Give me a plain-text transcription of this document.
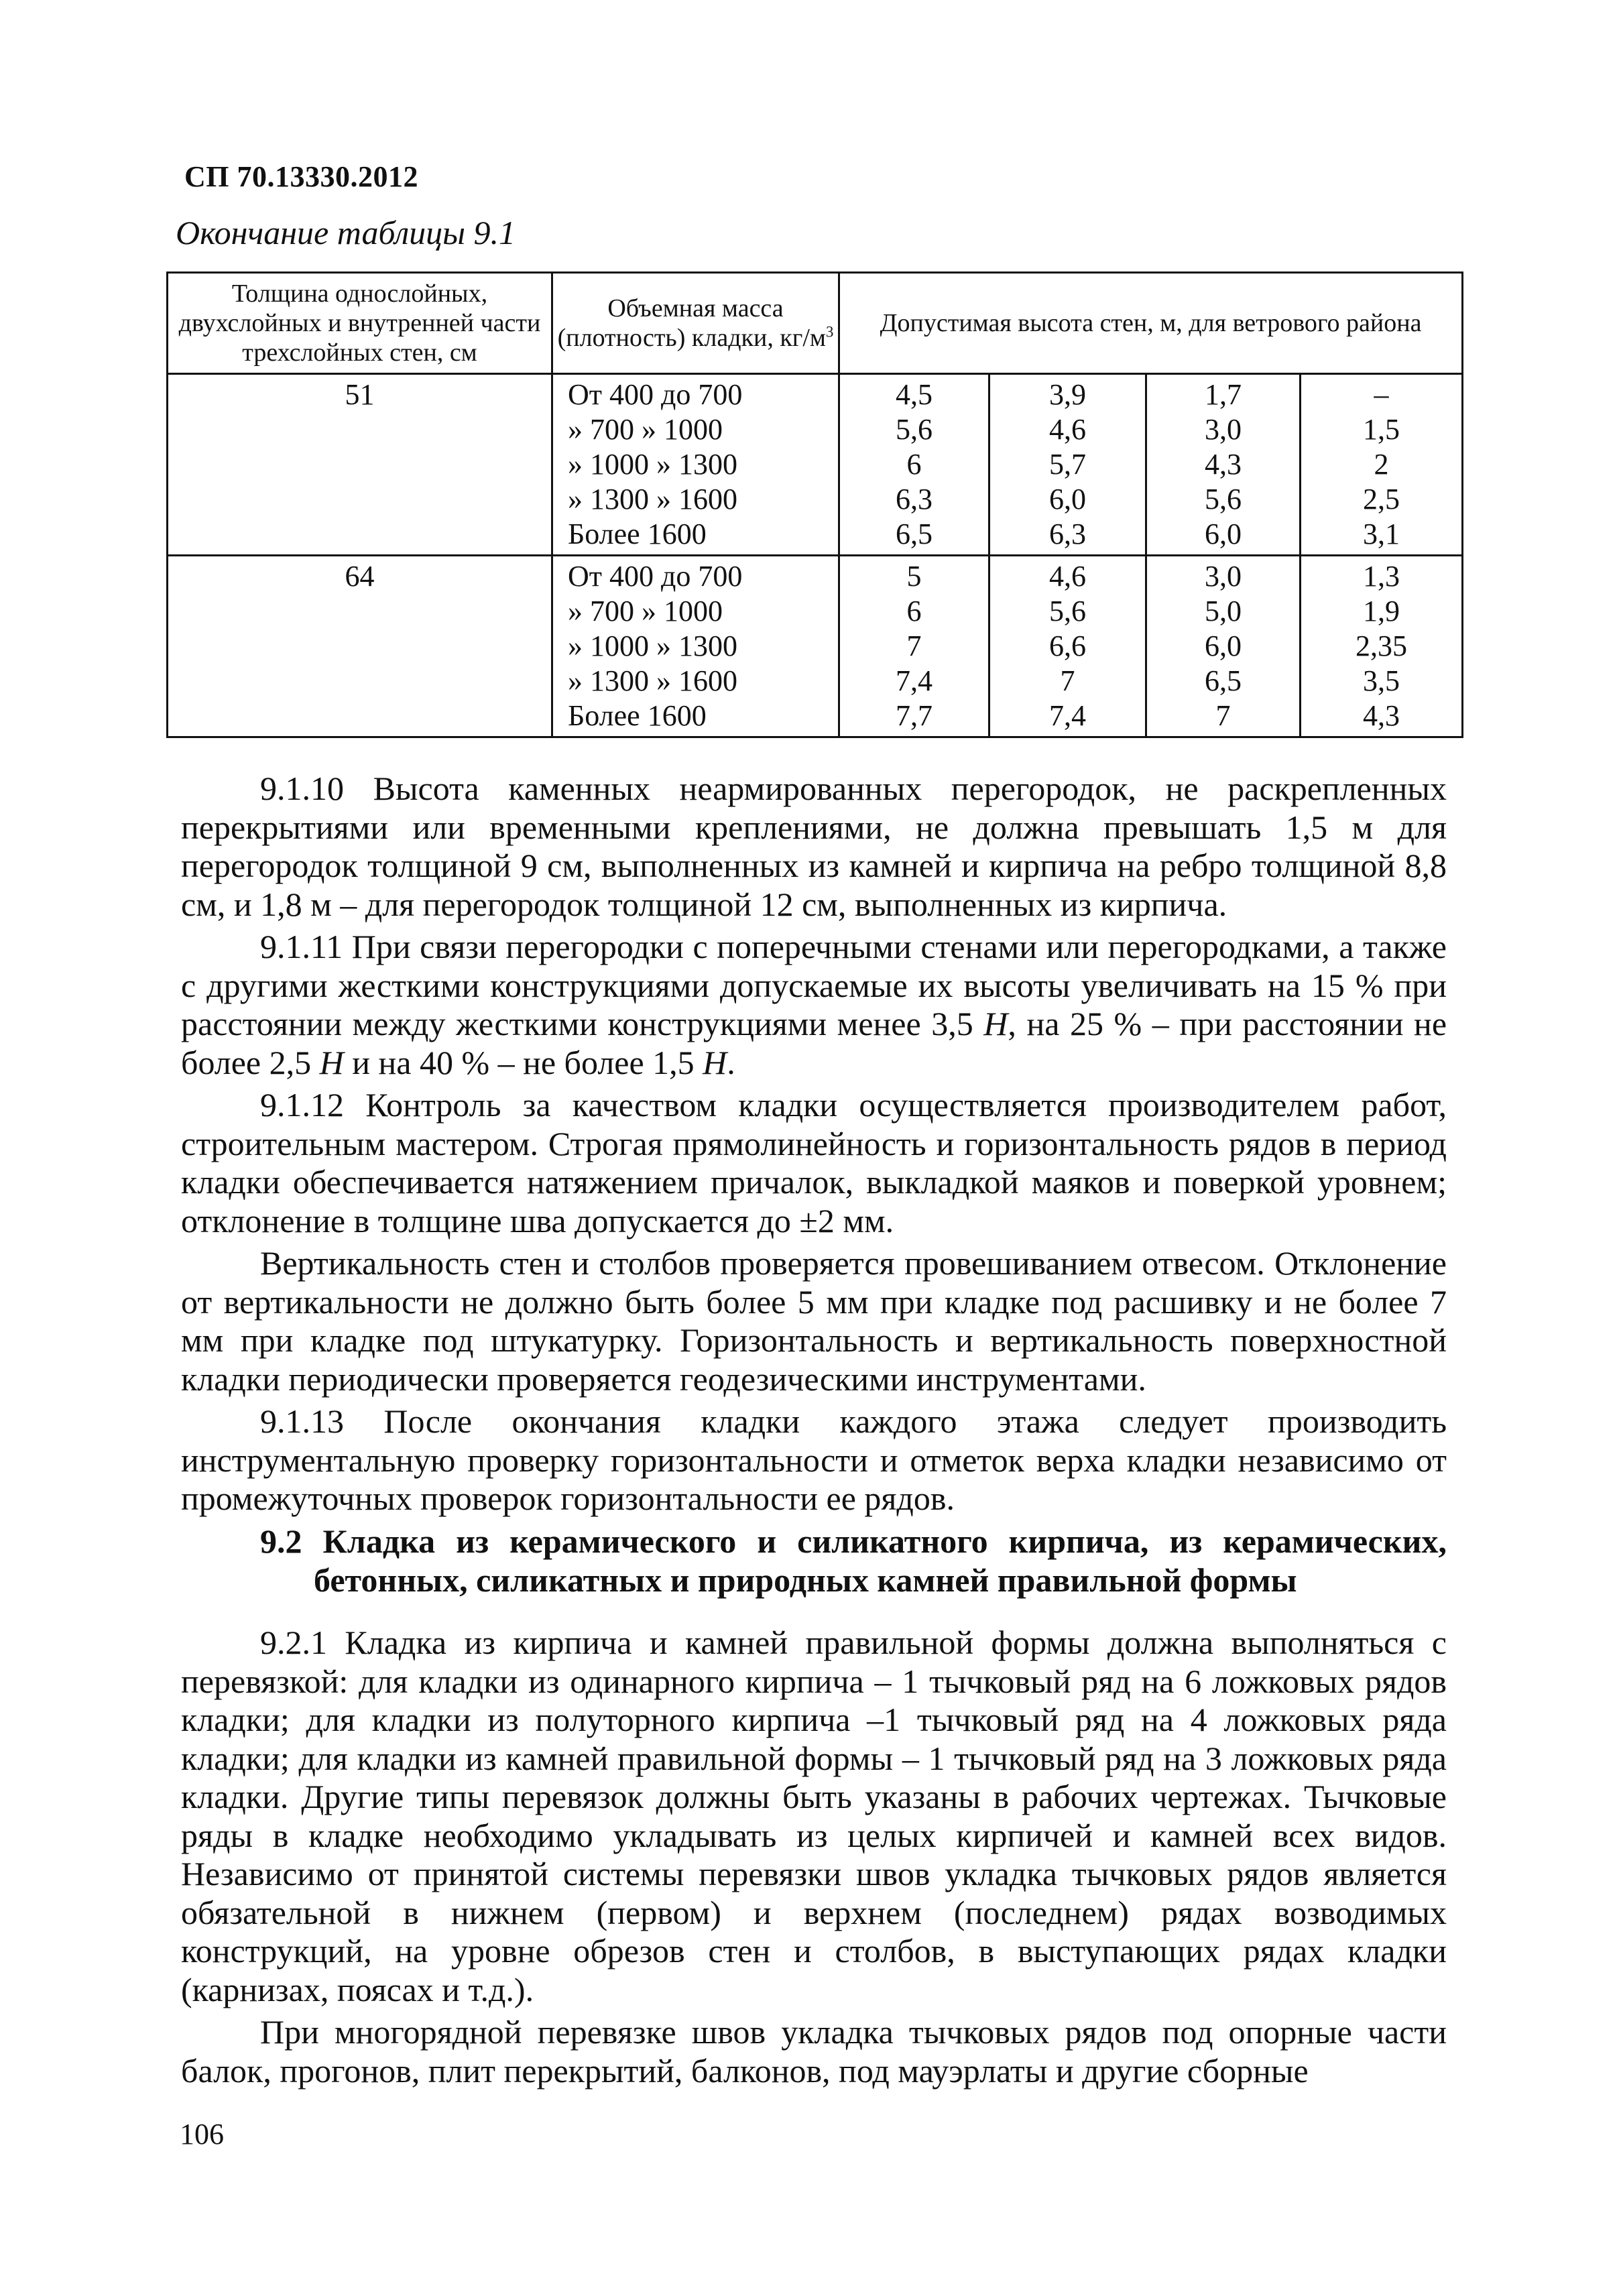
СП 70.13330.2012
Окончание таблицы 9.1
Толщина однослойных, двухслойных и внутренней части трехслойных стен, см	Объемная масса (плотность) кладки, $кг/м^3$	Допустимая высота стен, м, для ветрового района			
51	От 400 до 700	4,5	3,9	1,7	–
	» 700 » 1000	5,6	4,6	3,0	1,5
	» 1000 » 1300	6	5,7	4,3	2
	» 1300 » 1600	6,3	6,0	5,6	2,5
	Более 1600	6,5	6,3	6,0	3,1
64	От 400 до 700	5	4,6	3,0	1,3
	» 700 » 1000	6	5,6	5,0	1,9
	» 1000 » 1300	7	6,6	6,0	2,35
	» 1300 » 1600	7,4	7	6,5	3,5
	Более 1600	7,7	7,4	7	4,3

9.1.10 Высота каменных неармированных перегородок, не раскрепленных перекрытиями или временными креплениями, не должна превышать 1,5 м для перегородок толщиной 9 см, выполненных из камней и кирпича на ребро толщиной 8,8 см, и 1,8 м – для перегородок толщиной 12 см, выполненных из кирпича.

9.1.11 При связи перегородки с поперечными стенами или перегородками, а также с другими жесткими конструкциями допускаемые их высоты увеличивать на 15 % при расстоянии между жесткими конструкциями менее 3,5 Н, на 25 % – при расстоянии не более 2,5 Н и на 40 % – не более 1,5 Н.

9.1.12 Контроль за качеством кладки осуществляется производителем работ, строительным мастером. Строгая прямолинейность и горизонтальность рядов в период кладки обеспечивается натяжением причалок, выкладкой маяков и поверкой уровнем; отклонение в толщине шва допускается до ±2 мм.

Вертикальность стен и столбов проверяется провешиванием отвесом. Отклонение от вертикальности не должно быть более 5 мм при кладке под расшивку и не более 7 мм при кладке под штукатурку. Горизонтальность и вертикальность поверхностной кладки периодически проверяется геодезическими инструментами.

9.1.13 После окончания кладки каждого этажа следует производить инструментальную проверку горизонтальности и отметок верха кладки независимо от промежуточных проверок горизонтальности ее рядов.

9.2 Кладка из керамического и силикатного кирпича, из керамических,
бетонных, силикатных и природных камней правильной формы

9.2.1 Кладка из кирпича и камней правильной формы должна выполняться с перевязкой: для кладки из одинарного кирпича – 1 тычковый ряд на 6 ложковых рядов кладки; для кладки из полуторного кирпича –1 тычковый ряд на 4 ложковых ряда кладки; для кладки из камней правильной формы – 1 тычковый ряд на 3 ложковых ряда кладки. Другие типы перевязок должны быть указаны в рабочих чертежах. Тычковые ряды в кладке необходимо укладывать из целых кирпичей и камней всех видов. Независимо от принятой системы перевязки швов укладка тычковых рядов является обязательной в нижнем (первом) и верхнем (последнем) рядах возводимых конструкций, на уровне обрезов стен и столбов, в выступающих рядах кладки (карнизах, поясах и т.д.).

При многорядной перевязке швов укладка тычковых рядов под опорные части балок, прогонов, плит перекрытий, балконов, под мауэрлаты и другие сборные

106
